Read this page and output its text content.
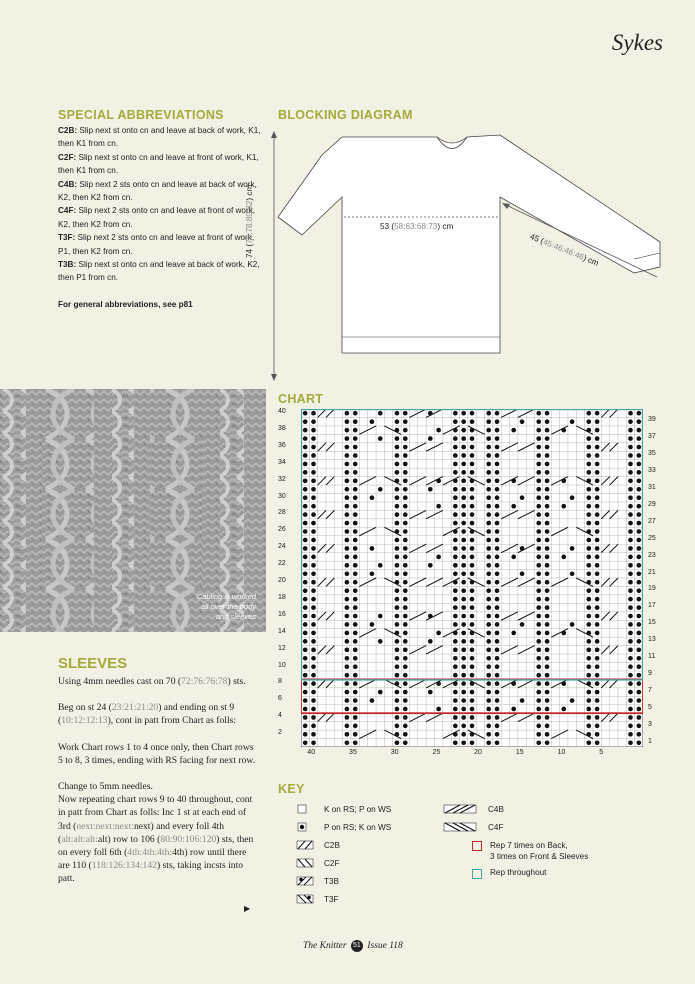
Sykes
SPECIAL ABBREVIATIONS
C2B: Slip next st onto cn and leave at back of work, K1, then K1 from cn.
C2F: Slip next st onto cn and leave at front of work, K1, then K1 from cn.
C4B: Slip next 2 sts onto cn and leave at back of work, K2, then K2 from cn.
C4F: Slip next 2 sts onto cn and leave at front of work, K2, then K2 from cn.
T3F: Slip next 2 sts onto cn and leave at front of work, P1, then K2 from cn.
T3B: Slip next st onto cn and leave at back of work, K2, then P1 from cn.
For general abbreviations, see p81
BLOCKING DIAGRAM
53 (58:63:68:73) cm
74 (76:78:80:82) cm
45 (45:46:46:46) cm
Cabling is worked
all over the body
and sleeves
SLEEVES

Using 4mm needles cast on 70 (72:76:76:78) sts.

Beg on st 24 (23:21:21:20) and ending on st 9 (10:12:12:13), cont in patt from Chart as folls:

Work Chart rows 1 to 4 once only, then Chart rows 5 to 8, 3 times, ending with RS facing for next row.

Change to 5mm needles.

Now repeating chart rows 9 to 40 throughout, cont in patt from Chart as folls: Inc 1 st at each end of 3rd (next:next:next:next) and every foll 4th (alt:alt:alt:alt) row to 106 (80:90:106:120) sts, then on every foll 6th (4th:4th:4th:4th) row until there are 110 (118:126:134:142) sts, taking incsts into patt.

▶
CHART
40
38
36
34
32
30
28
26
24
22
20
18
16
14
12
10
8
6
4
2
39
37
35
33
31
29
27
25
23
21
19
17
15
13
11
9
7
5
3
1
40	35	30	25	20	15	10	5
KEY
K on RS; P on WS
P on RS; K on WS
C2B
C2F
T3B
T3F
C4B
C4F
Rep 7 times on Back,
3 times on Front & Sleeves
Rep throughout
The Knitter 51 Issue 118
